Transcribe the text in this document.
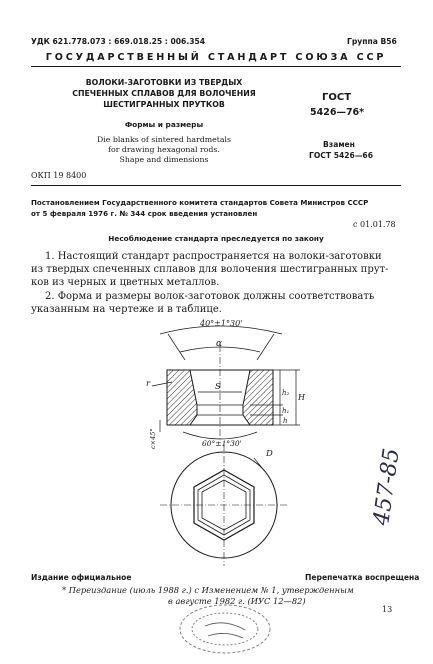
УДК 621.778.073 : 669.018.25 : 006.354	Группа В56
ГОСУДАРСТВЕННЫЙ СТАНДАРТ СОЮЗА ССР
ВОЛОКИ-ЗАГОТОВКИ ИЗ ТВЕРДЫХ
СПЕЧЕННЫХ СПЛАВОВ ДЛЯ ВОЛОЧЕНИЯ
ШЕСТИГРАННЫХ ПРУТКОВ
Формы и размеры
Die blanks of sintered hardmetals
for drawing hexagonal rods.
Shape and dimensions
ГОСТ
5426—76*
Взамен
ГОСТ 5426—66
ОКП 19 8400
Постановлением Государственного комитета стандартов Совета Министров СССР
от 5 февраля 1976 г. № 344 срок введения установлен
с 01.01.78
Несоблюдение стандарта преследуется по закону
1. Настоящий стандарт распространяется на волоки-заготовки
из твердых спеченных сплавов для волочения шестигранных прут-
ков из черных и цветных металлов.
2. Форма и размеры волок-заготовок должны соответствовать
указанным на чертеже и в таблице.
40°±1°30'
α
S
r
h₂ H
h₁
h
c×45°	60°±1°30'
D	457-85
Издание официальное	Перепечатка воспрещена
* Переиздание (июль 1988 г.) с Изменением № 1, утвержденным
в августе 1982 г. (ИУС 12—82)
13
